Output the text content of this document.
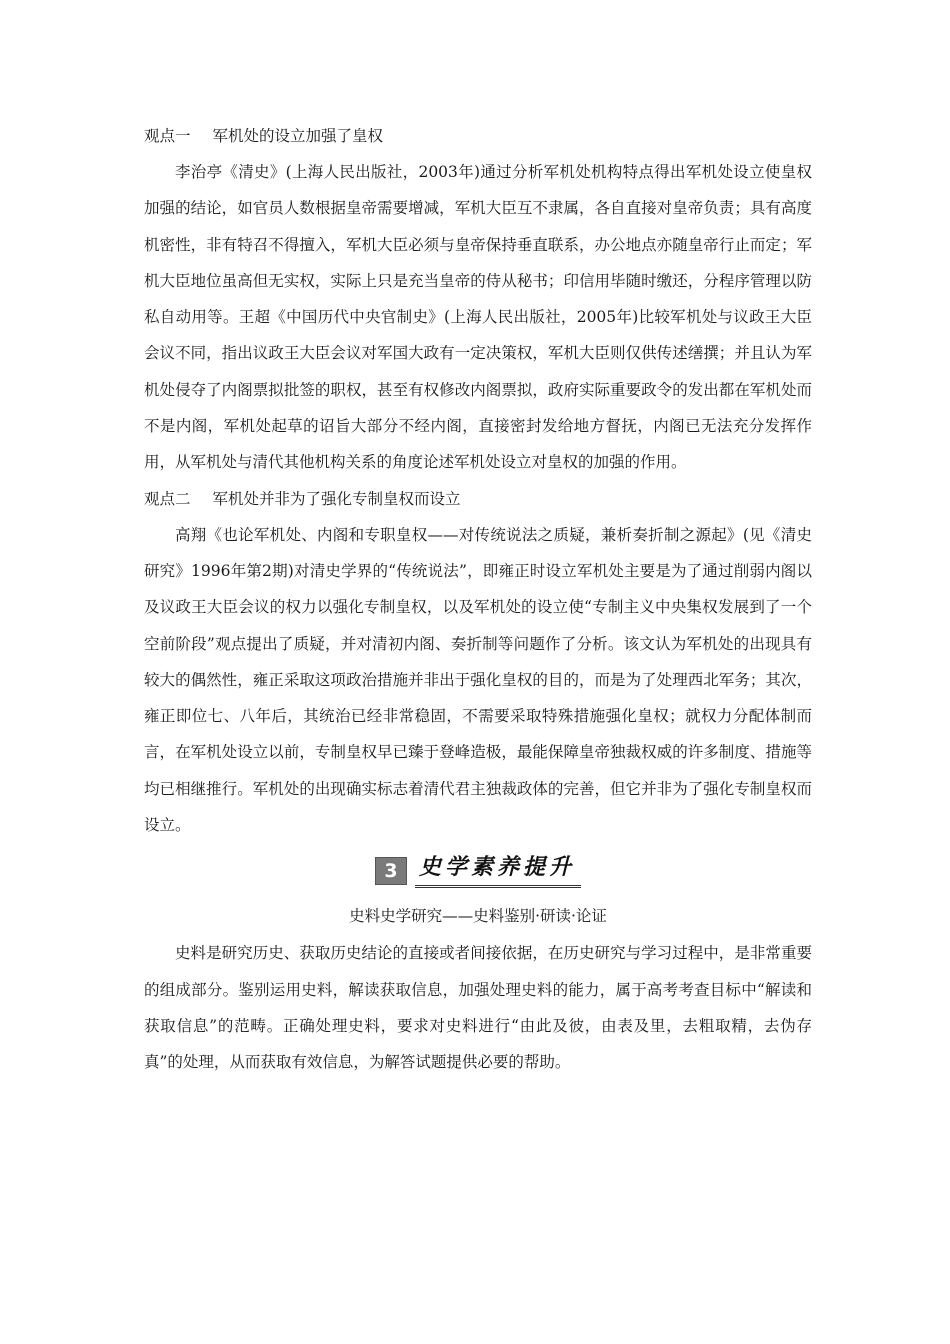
观点一 军机处的设立加强了皇权

李治亭《清史》(上海人民出版社，2003年)通过分析军机处机构特点得出军机处设立使皇权加强的结论，如官员人数根据皇帝需要增减，军机大臣互不隶属，各自直接对皇帝负责；具有高度机密性，非有特召不得擅入，军机大臣必须与皇帝保持垂直联系，办公地点亦随皇帝行止而定；军机大臣地位虽高但无实权，实际上只是充当皇帝的侍从秘书；印信用毕随时缴还，分程序管理以防私自动用等。王超《中国历代中央官制史》(上海人民出版社，2005年)比较军机处与议政王大臣会议不同，指出议政王大臣会议对军国大政有一定决策权，军机大臣则仅供传述缮撰；并且认为军机处侵夺了内阁票拟批签的职权，甚至有权修改内阁票拟，政府实际重要政令的发出都在军机处而不是内阁，军机处起草的诏旨大部分不经内阁，直接密封发给地方督抚，内阁已无法充分发挥作用，从军机处与清代其他机构关系的角度论述军机处设立对皇权的加强的作用。

观点二 军机处并非为了强化专制皇权而设立

高翔《也论军机处、内阁和专职皇权——对传统说法之质疑，兼析奏折制之源起》(见《清史研究》1996年第2期)对清史学界的“传统说法”，即雍正时设立军机处主要是为了通过削弱内阁以及议政王大臣会议的权力以强化专制皇权，以及军机处的设立使“专制主义中央集权发展到了一个空前阶段”观点提出了质疑，并对清初内阁、奏折制等问题作了分析。该文认为军机处的出现具有较大的偶然性，雍正采取这项政治措施并非出于强化皇权的目的，而是为了处理西北军务；其次，雍正即位七、八年后，其统治已经非常稳固，不需要采取特殊措施强化皇权；就权力分配体制而言，在军机处设立以前，专制皇权早已臻于登峰造极，最能保障皇帝独裁权威的许多制度、措施等均已相继推行。军机处的出现确实标志着清代君主独裁政体的完善，但它并非为了强化专制皇权而设立。

3 史学素养提升
史料史学研究——史料鉴别·研读·论证

史料是研究历史、获取历史结论的直接或者间接依据，在历史研究与学习过程中，是非常重要的组成部分。鉴别运用史料，解读获取信息，加强处理史料的能力，属于高考考查目标中“解读和获取信息”的范畴。正确处理史料，要求对史料进行“由此及彼，由表及里，去粗取精，去伪存真”的处理，从而获取有效信息，为解答试题提供必要的帮助。
